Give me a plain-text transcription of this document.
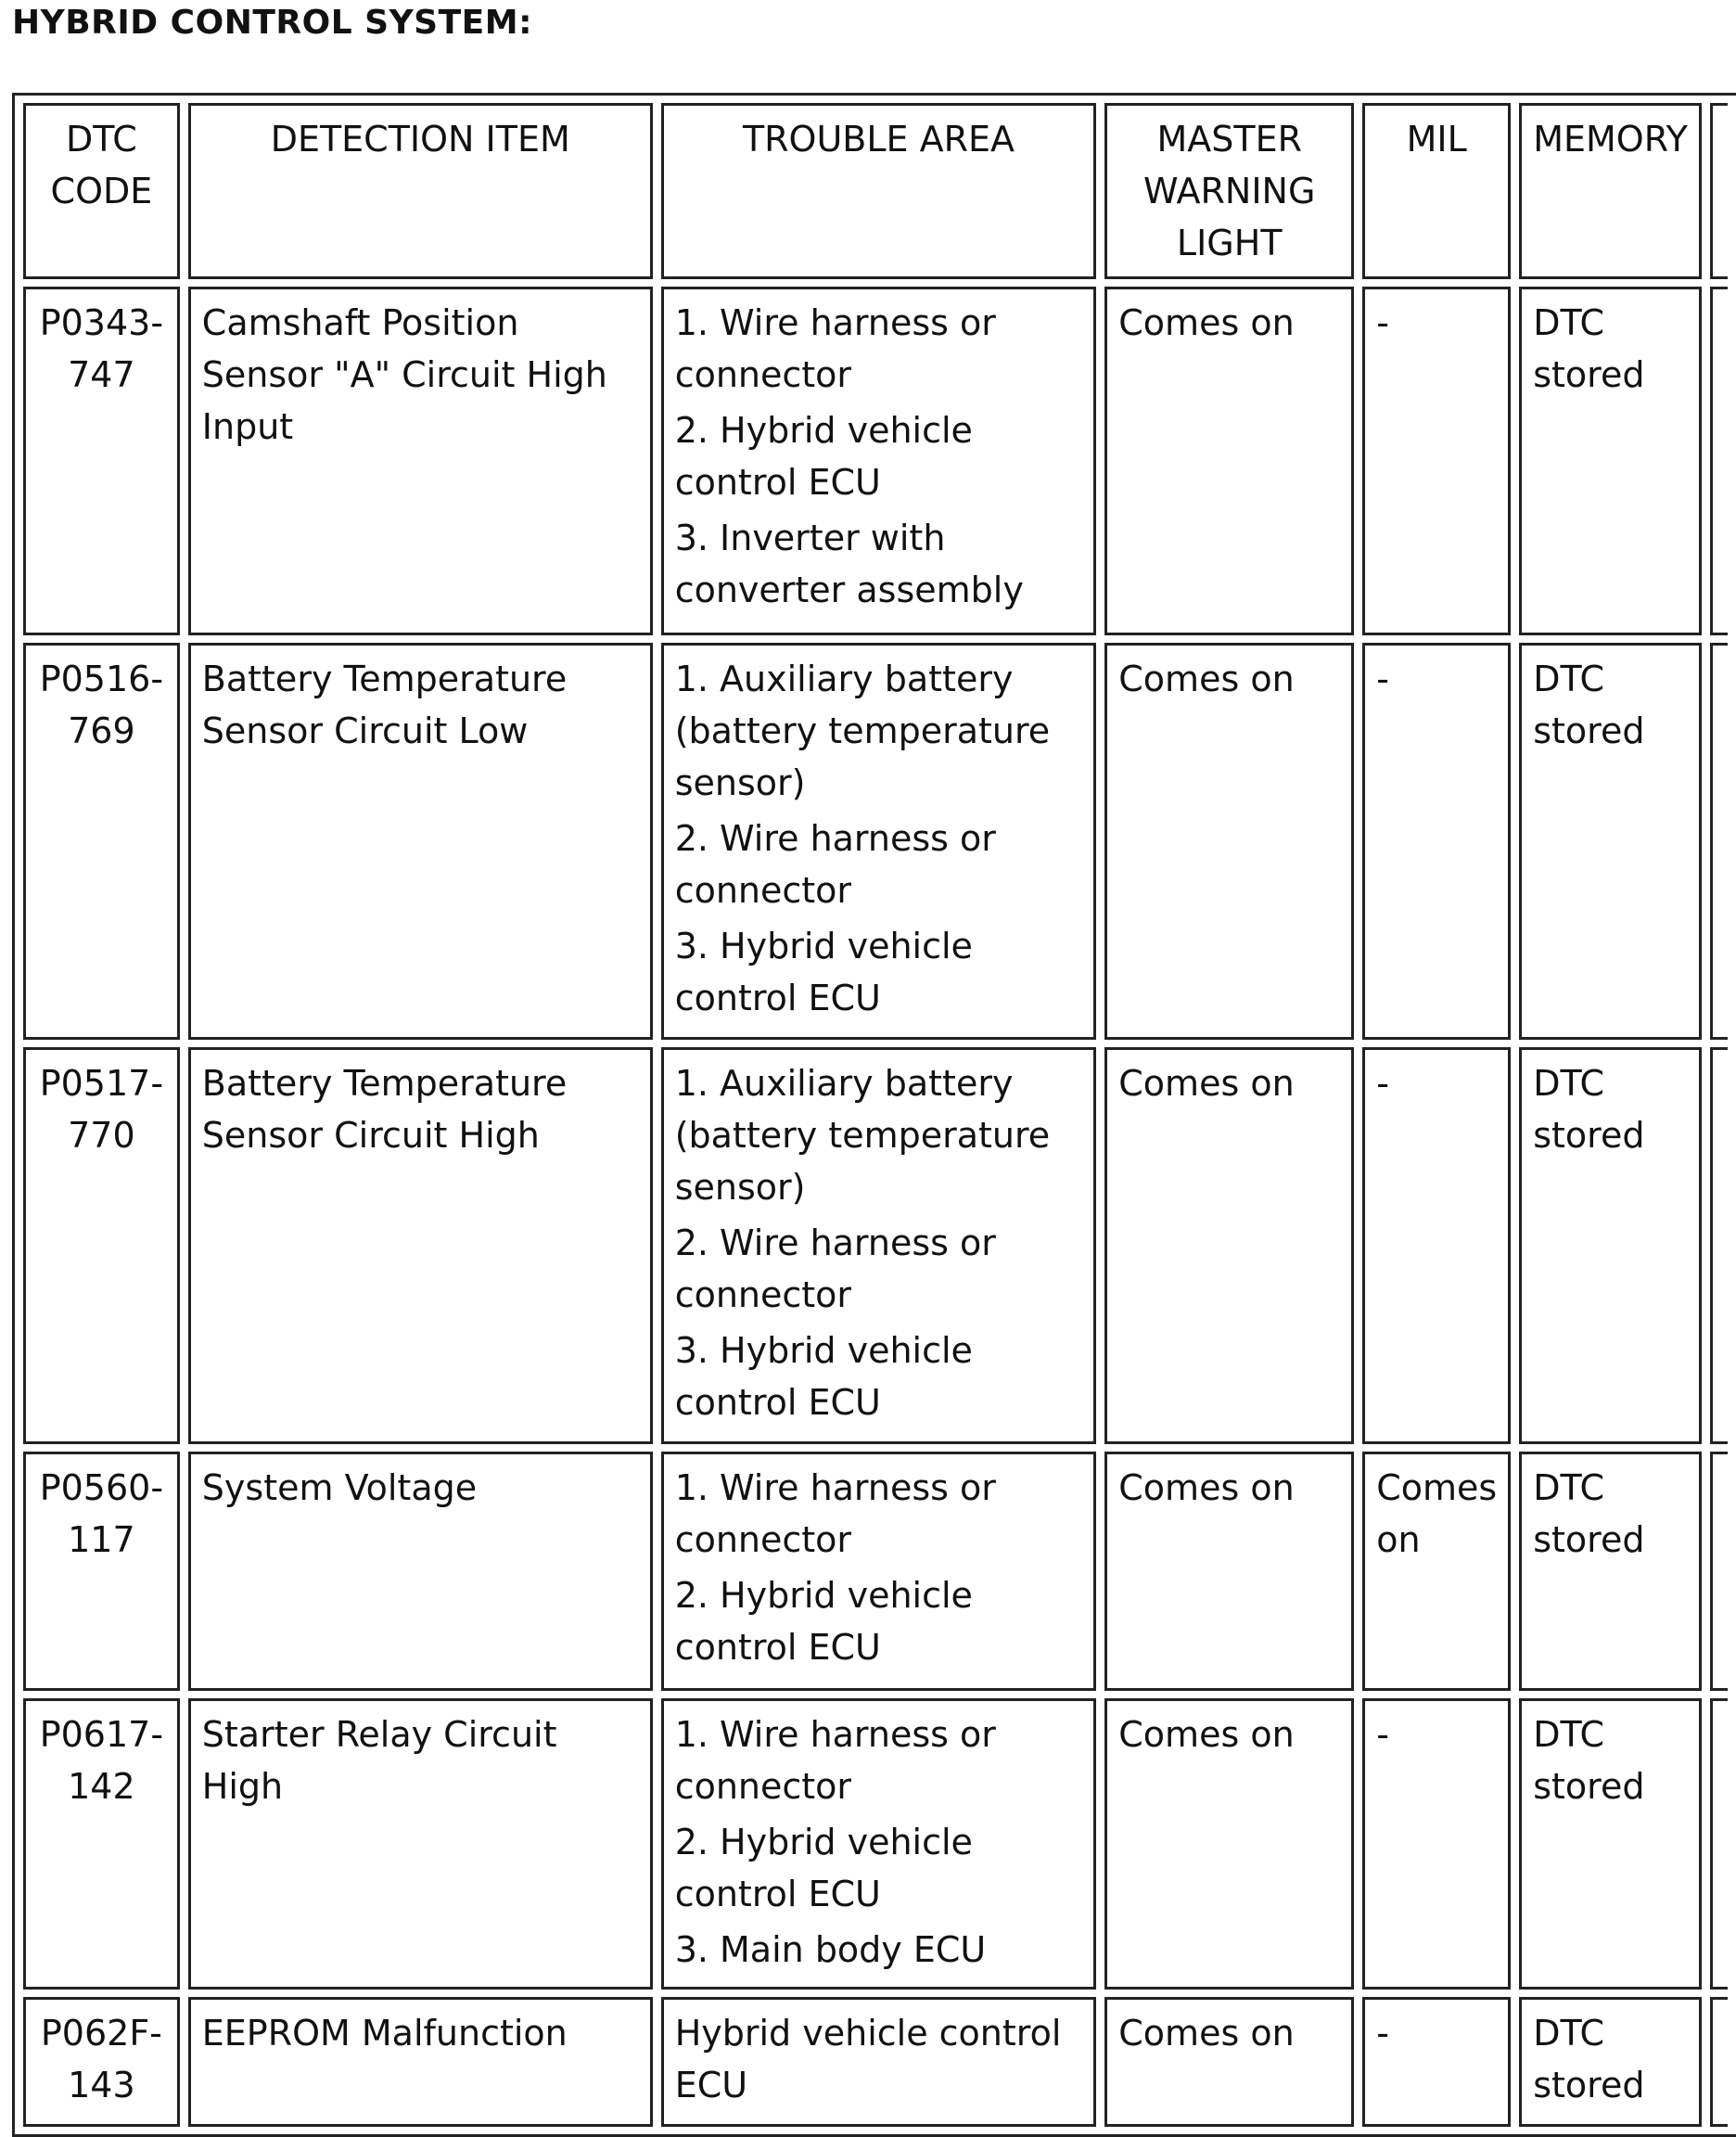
HYBRID CONTROL SYSTEM:
DTC CODE	DETECTION ITEM	TROUBLE AREA	MASTER WARNING LIGHT	MIL	MEMORY	
P0343-747	Camshaft Position Sensor "A" Circuit High Input	1. Wire harness or connector
2. Hybrid vehicle control ECU
3. Inverter with converter assembly	Comes on	-	DTC stored	
P0516-769	Battery Temperature Sensor Circuit Low	1. Auxiliary battery (battery temperature sensor)
2. Wire harness or connector
3. Hybrid vehicle control ECU	Comes on	-	DTC stored	
P0517-770	Battery Temperature Sensor Circuit High	1. Auxiliary battery (battery temperature sensor)
2. Wire harness or connector
3. Hybrid vehicle control ECU	Comes on	-	DTC stored	
P0560-117	System Voltage	1. Wire harness or connector
2. Hybrid vehicle control ECU	Comes on	Comes on	DTC stored	
P0617-142	Starter Relay Circuit High	1. Wire harness or connector
2. Hybrid vehicle control ECU
3. Main body ECU	Comes on	-	DTC stored	
P062F-143	EEPROM Malfunction	Hybrid vehicle control ECU	Comes on	-	DTC stored	
